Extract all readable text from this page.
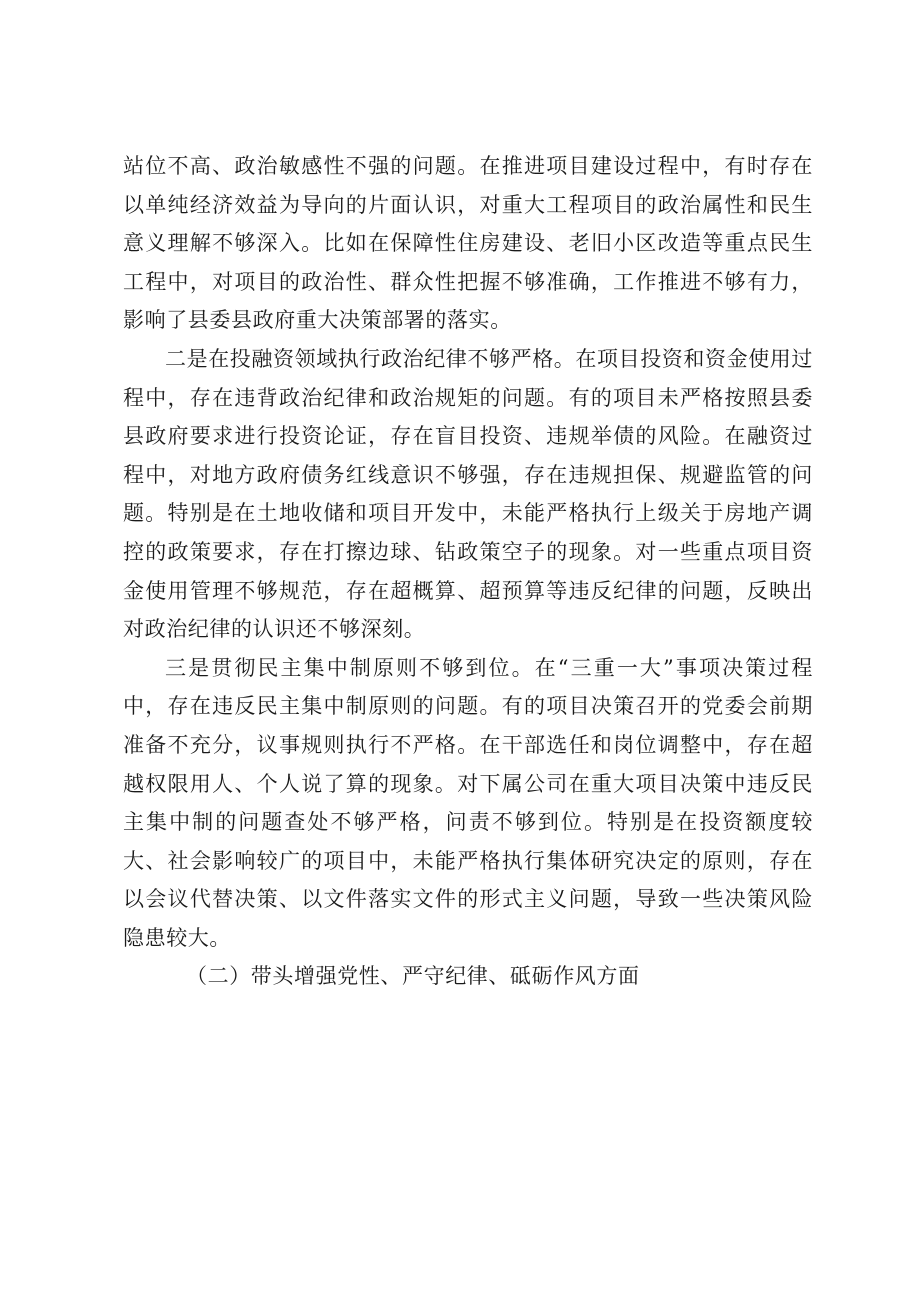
站位不高、政治敏感性不强的问题。在推进项目建设过程中，有时存在以单纯经济效益为导向的片面认识，对重大工程项目的政治属性和民生意义理解不够深入。比如在保障性住房建设、老旧小区改造等重点民生工程中，对项目的政治性、群众性把握不够准确，工作推进不够有力，影响了县委县政府重大决策部署的落实。

二是在投融资领域执行政治纪律不够严格。在项目投资和资金使用过程中，存在违背政治纪律和政治规矩的问题。有的项目未严格按照县委县政府要求进行投资论证，存在盲目投资、违规举债的风险。在融资过程中，对地方政府债务红线意识不够强，存在违规担保、规避监管的问题。特别是在土地收储和项目开发中，未能严格执行上级关于房地产调控的政策要求，存在打擦边球、钻政策空子的现象。对一些重点项目资金使用管理不够规范，存在超概算、超预算等违反纪律的问题，反映出对政治纪律的认识还不够深刻。

三是贯彻民主集中制原则不够到位。在“三重一大”事项决策过程中，存在违反民主集中制原则的问题。有的项目决策召开的党委会前期准备不充分，议事规则执行不严格。在干部选任和岗位调整中，存在超越权限用人、个人说了算的现象。对下属公司在重大项目决策中违反民主集中制的问题查处不够严格，问责不够到位。特别是在投资额度较大、社会影响较广的项目中，未能严格执行集体研究决定的原则，存在以会议代替决策、以文件落实文件的形式主义问题，导致一些决策风险隐患较大。

（二）带头增强党性、严守纪律、砥砺作风方面
